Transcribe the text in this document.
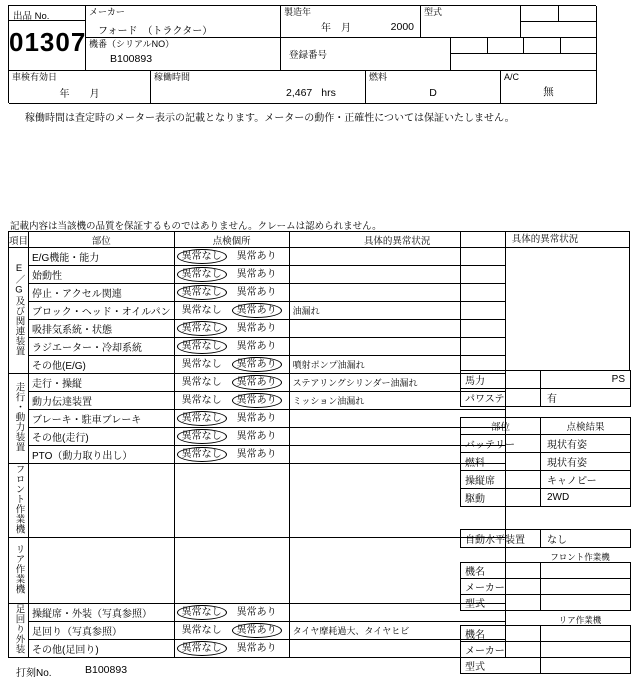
出品 No.
01307
メーカー
フォード　（トラクター）
製造年
年　月	2000
型式
機番（シリアルNO）
B100893	登録番号
車検有効日
年　　月
稼働時間
2,467 hrs
燃料
D
A/C
無
稼働時間は査定時のメーター表示の記載となります。メーターの動作・正確性については保証いたしません。
記載内容は当該機の品質を保証するものではありません。クレームは認められません。
項目	部位	点検個所	具体的異常状況
E／G及び関連装置	E/G機能・能力	異常なし 異常あり	
	始動性	異常なし 異常あり	
	停止・アクセル関連	異常なし 異常あり	
	ブロック・ヘッド・オイルパン	異常なし 異常あり	油漏れ
	吸排気系統・状態	異常なし 異常あり	
	ラジエーター・冷却系統	異常なし 異常あり	
	その他(E/G)	異常なし 異常あり	噴射ポンプ油漏れ
走行・動力装置	走行・操縦	異常なし 異常あり	ステアリングシリンダー油漏れ
	動力伝達装置	異常なし 異常あり	ミッション油漏れ
	ブレーキ・駐車ブレーキ	異常なし 異常あり	
	その他(走行)	異常なし 異常あり	
	PTO（動力取り出し）	異常なし 異常あり	
フロント作業機			
リア作業機			
足回り外装	操縦席・外装（写真参照）	異常なし 異常あり	
	足回り（写真参照）	異常なし 異常あり	タイヤ摩耗過大、タイヤヒビ
	その他(足回り)	異常なし 異常あり	
具体的異常状況
馬力	PS
パワステ	有
部位	点検結果
バッテリー	現状有姿
燃料	現状有姿
操縦席	キャノピー
駆動	2WD
自動水平装置	なし
フロント作業機
機名	
メーカー	
型式	
リア作業機
機名	
メーカー	
型式	
打刻No.	B100893
